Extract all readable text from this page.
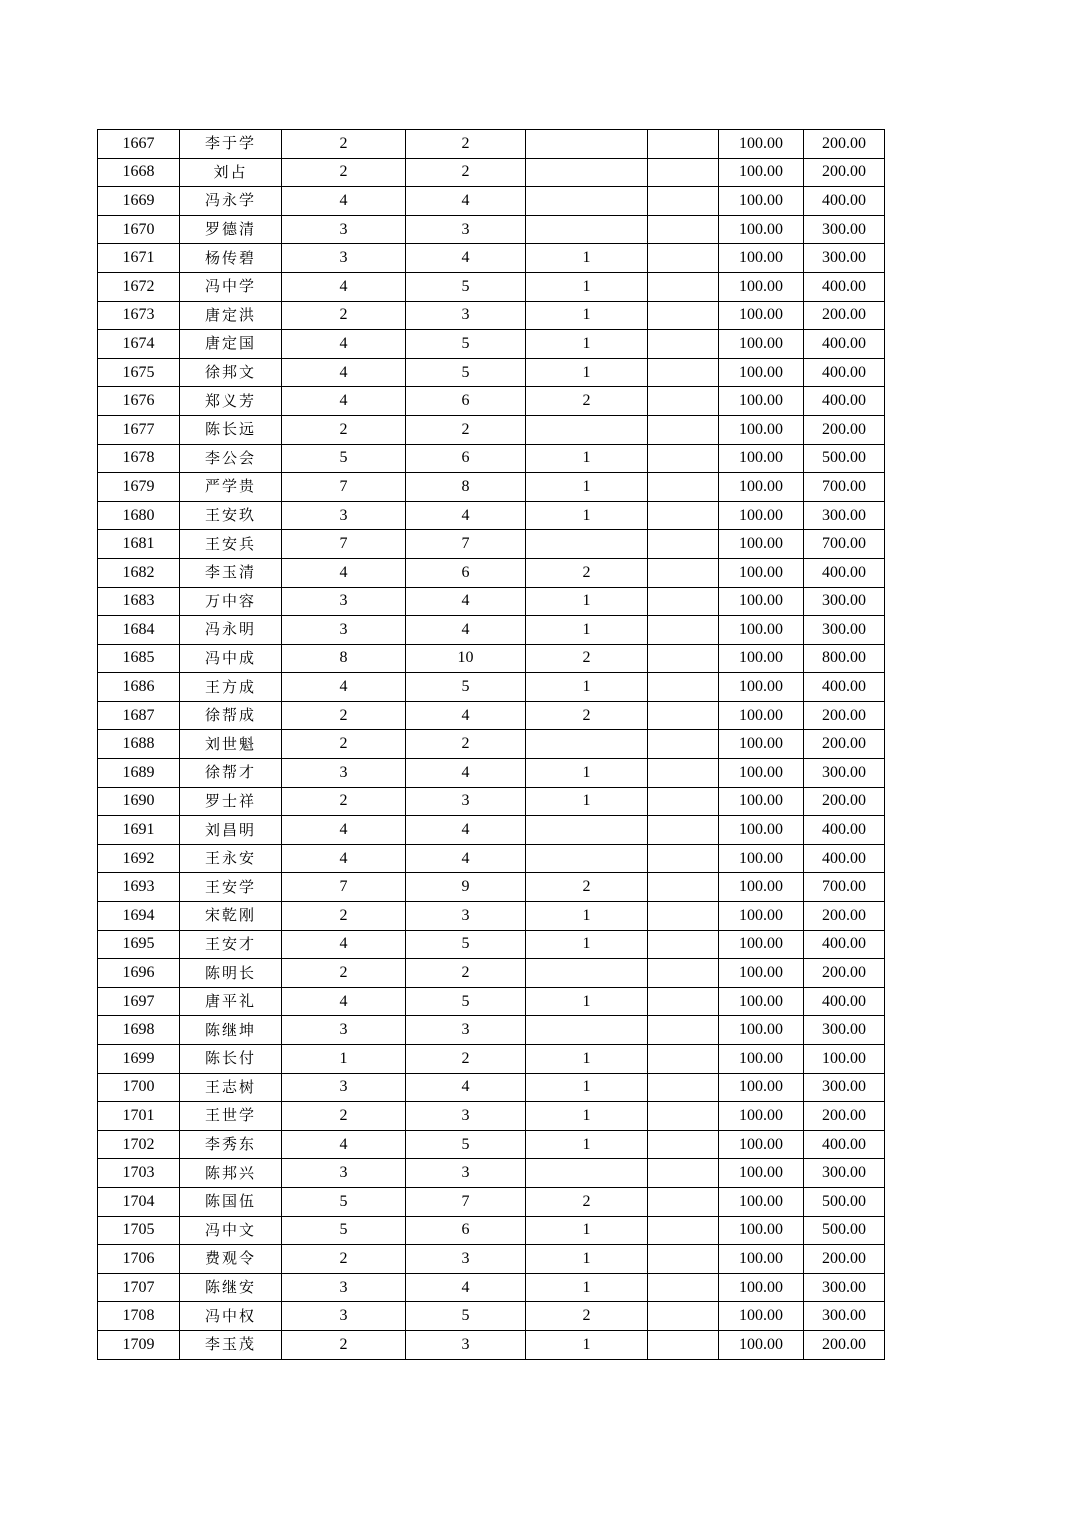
1667	李于学	2	2			100.00	200.00
1668	刘占	2	2			100.00	200.00
1669	冯永学	4	4			100.00	400.00
1670	罗德清	3	3			100.00	300.00
1671	杨传碧	3	4	1		100.00	300.00
1672	冯中学	4	5	1		100.00	400.00
1673	唐定洪	2	3	1		100.00	200.00
1674	唐定国	4	5	1		100.00	400.00
1675	徐邦文	4	5	1		100.00	400.00
1676	郑义芳	4	6	2		100.00	400.00
1677	陈长远	2	2			100.00	200.00
1678	李公会	5	6	1		100.00	500.00
1679	严学贵	7	8	1		100.00	700.00
1680	王安玖	3	4	1		100.00	300.00
1681	王安兵	7	7			100.00	700.00
1682	李玉清	4	6	2		100.00	400.00
1683	万中容	3	4	1		100.00	300.00
1684	冯永明	3	4	1		100.00	300.00
1685	冯中成	8	10	2		100.00	800.00
1686	王方成	4	5	1		100.00	400.00
1687	徐帮成	2	4	2		100.00	200.00
1688	刘世魁	2	2			100.00	200.00
1689	徐帮才	3	4	1		100.00	300.00
1690	罗士祥	2	3	1		100.00	200.00
1691	刘昌明	4	4			100.00	400.00
1692	王永安	4	4			100.00	400.00
1693	王安学	7	9	2		100.00	700.00
1694	宋乾刚	2	3	1		100.00	200.00
1695	王安才	4	5	1		100.00	400.00
1696	陈明长	2	2			100.00	200.00
1697	唐平礼	4	5	1		100.00	400.00
1698	陈继坤	3	3			100.00	300.00
1699	陈长付	1	2	1		100.00	100.00
1700	王志树	3	4	1		100.00	300.00
1701	王世学	2	3	1		100.00	200.00
1702	李秀东	4	5	1		100.00	400.00
1703	陈邦兴	3	3			100.00	300.00
1704	陈国伍	5	7	2		100.00	500.00
1705	冯中文	5	6	1		100.00	500.00
1706	费观令	2	3	1		100.00	200.00
1707	陈继安	3	4	1		100.00	300.00
1708	冯中权	3	5	2		100.00	300.00
1709	李玉茂	2	3	1		100.00	200.00
